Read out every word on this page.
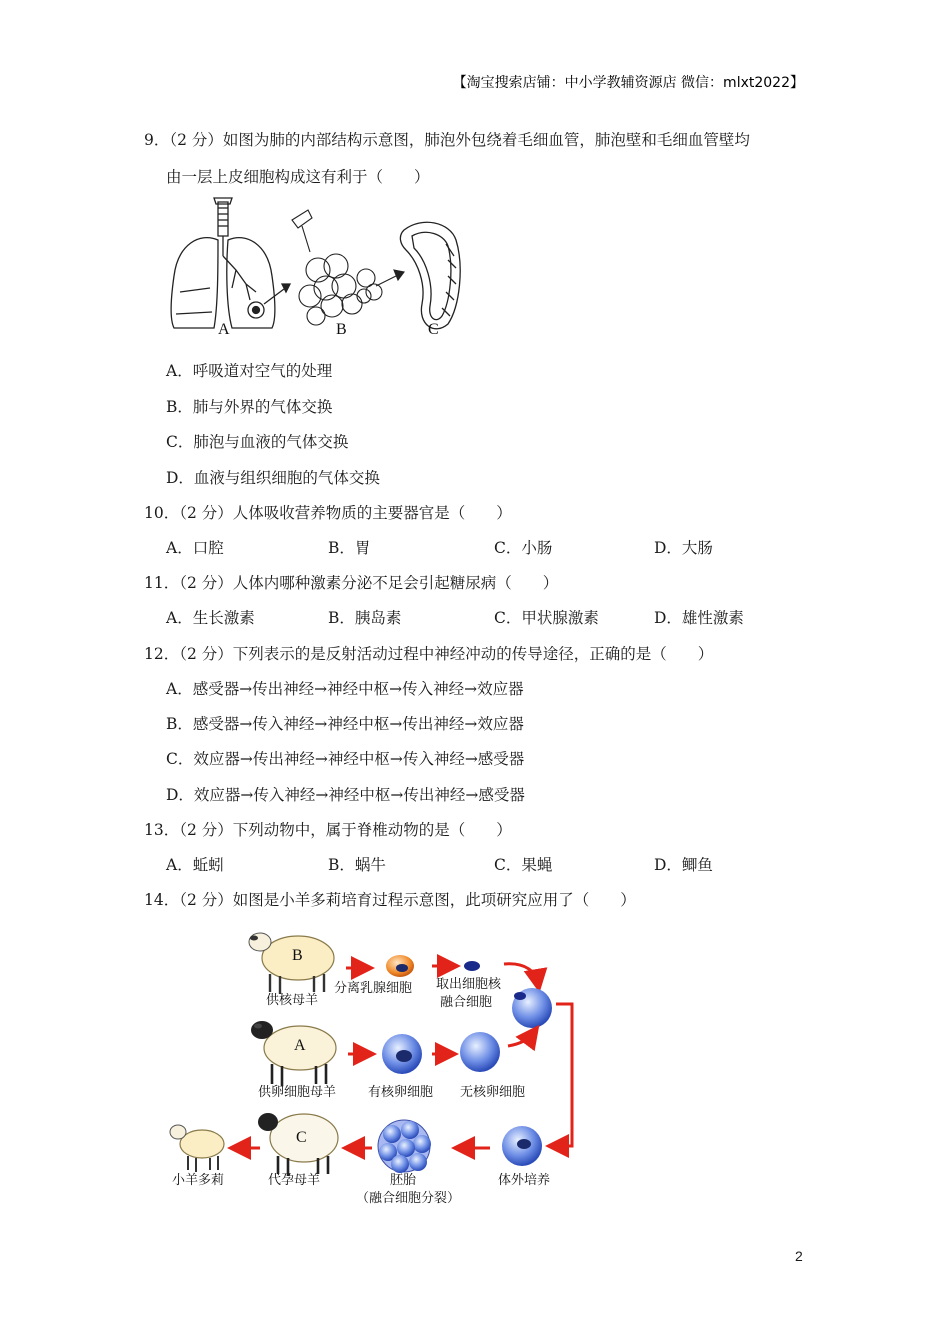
【淘宝搜索店铺：中小学教辅资源店 微信：mlxt2022】
9．（2 分）如图为肺的内部结构示意图，肺泡外包绕着毛细血管，肺泡壁和毛细血管壁均
由一层上皮细胞构成这有利于（　　）
A	B	C
A．呼吸道对空气的处理
B．肺与外界的气体交换
C．肺泡与血液的气体交换
D．血液与组织细胞的气体交换
10．（2 分）人体吸收营养物质的主要器官是（　　）
A．口腔	B．胃	C．小肠	D．大肠
11．（2 分）人体内哪种激素分泌不足会引起糖尿病（　　）
A．生长激素	B．胰岛素	C．甲状腺激素	D．雄性激素
12．（2 分）下列表示的是反射活动过程中神经冲动的传导途径，正确的是（　　）
A．感受器→传出神经→神经中枢→传入神经→效应器
B．感受器→传入神经→神经中枢→传出神经→效应器
C．效应器→传出神经→神经中枢→传入神经→感受器
D．效应器→传入神经→神经中枢→传出神经→感受器
13．（2 分）下列动物中，属于脊椎动物的是（　　）
A．蚯蚓	B．蜗牛	C．果蝇	D．鲫鱼
14．（2 分）如图是小羊多莉培育过程示意图，此项研究应用了（　　）
B
供核母羊
分离乳腺细胞 取出细胞核
融合细胞
A
供卵细胞母羊 有核卵细胞 无核卵细胞
体外培养
胚胎
（融合细胞分裂）
C
代孕母羊
小羊多莉
2
